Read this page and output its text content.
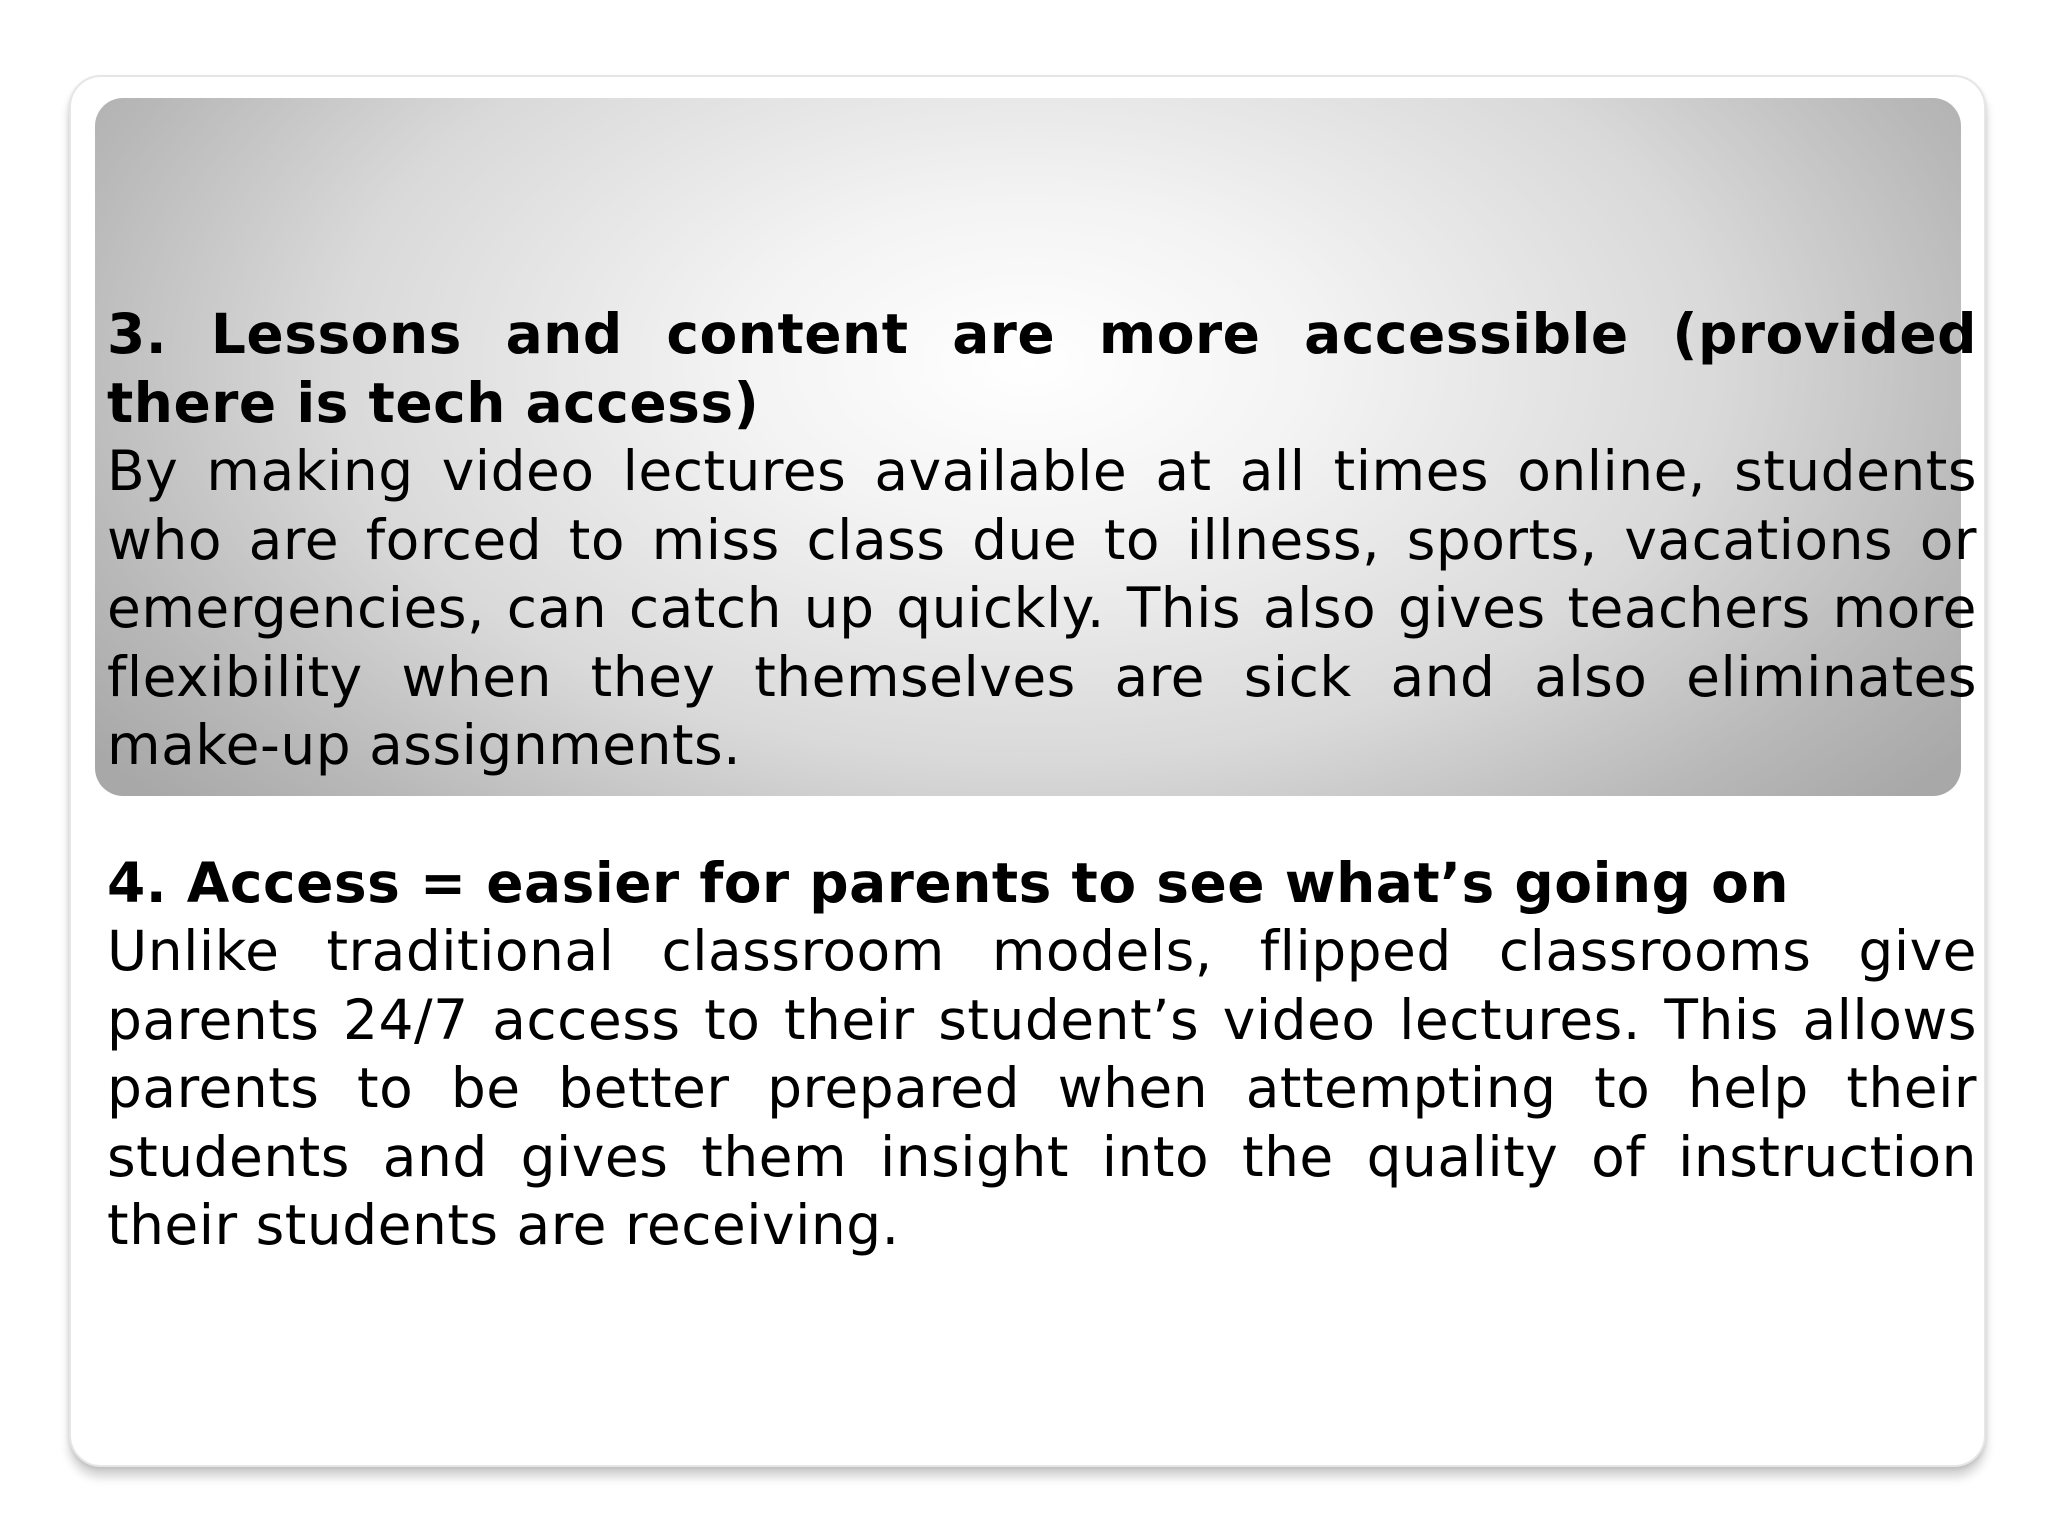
3. Lessons and content are more accessible (provided there is tech access)

By making video lectures available at all times online, students who are forced to miss class due to illness, sports, vacations or emergencies, can catch up quickly. This also gives teachers more flexibility when they themselves are sick and also eliminates make-up assignments.

4. Access = easier for parents to see what’s going on

Unlike traditional classroom models, flipped classrooms give parents 24/7 access to their student’s video lectures. This allows parents to be better prepared when attempting to help their students and gives them insight into the quality of instruction their students are receiving.
